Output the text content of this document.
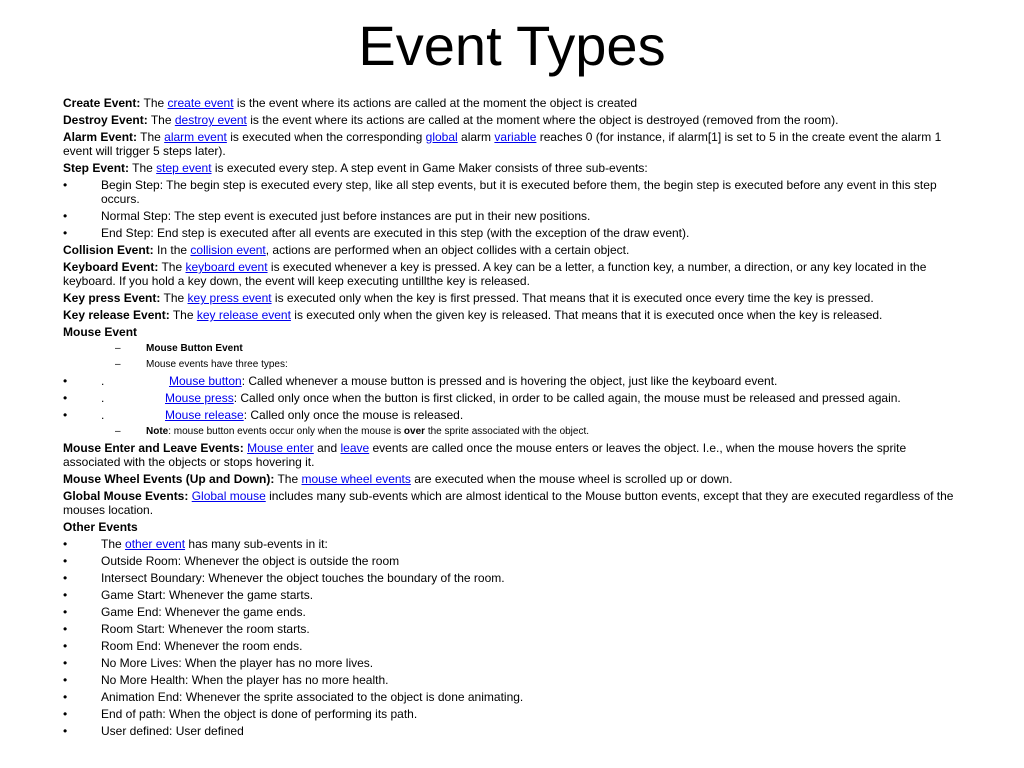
Event Types
Create Event: The create event is the event where its actions are called at the moment the object is created
Destroy Event: The destroy event is the event where its actions are called at the moment where the object is destroyed (removed from the room).
Alarm Event: The alarm event is executed when the corresponding global alarm variable reaches 0 (for instance, if alarm[1] is set to 5 in the create event the alarm 1 event will trigger 5 steps later).
Step Event: The step event is executed every step. A step event in Game Maker consists of three sub-events:
•	Begin Step: The begin step is executed every step, like all step events, but it is executed before them, the begin step is executed before any event in this step occurs.
•	Normal Step: The step event is executed just before instances are put in their new positions.
•	End Step: End step is executed after all events are executed in this step (with the exception of the draw event).
Collision Event: In the collision event, actions are performed when an object collides with a certain object.
Keyboard Event: The keyboard event is executed whenever a key is pressed. A key can be a letter, a function key, a number, a direction, or any key located in the keyboard. If you hold a key down, the event will keep executing untillthe key is released.
Key press Event: The key press event is executed only when the key is first pressed. That means that it is executed once every time the key is pressed.
Key release Event: The key release event is executed only when the given key is released. That means that it is executed once when the key is released.
Mouse Event
–	Mouse Button Event
–	Mouse events have three types:
•	.	Mouse button: Called whenever a mouse button is pressed and is hovering the object, just like the keyboard event.
•	.	Mouse press: Called only once when the button is first clicked, in order to be called again, the mouse must be released and pressed again.
•	.	Mouse release: Called only once the mouse is released.
–	Note: mouse button events occur only when the mouse is over the sprite associated with the object.
Mouse Enter and Leave Events: Mouse enter and leave events are called once the mouse enters or leaves the object. I.e., when the mouse hovers the sprite associated with the objects or stops hovering it.
Mouse Wheel Events (Up and Down): The mouse wheel events are executed when the mouse wheel is scrolled up or down.
Global Mouse Events: Global mouse includes many sub-events which are almost identical to the Mouse button events, except that they are executed regardless of the mouses location.
Other Events
•	The other event has many sub-events in it:
•	Outside Room: Whenever the object is outside the room
•	Intersect Boundary: Whenever the object touches the boundary of the room.
•	Game Start: Whenever the game starts.
•	Game End: Whenever the game ends.
•	Room Start: Whenever the room starts.
•	Room End: Whenever the room ends.
•	No More Lives: When the player has no more lives.
•	No More Health: When the player has no more health.
•	Animation End: Whenever the sprite associated to the object is done animating.
•	End of path: When the object is done of performing its path.
•	User defined: User defined
